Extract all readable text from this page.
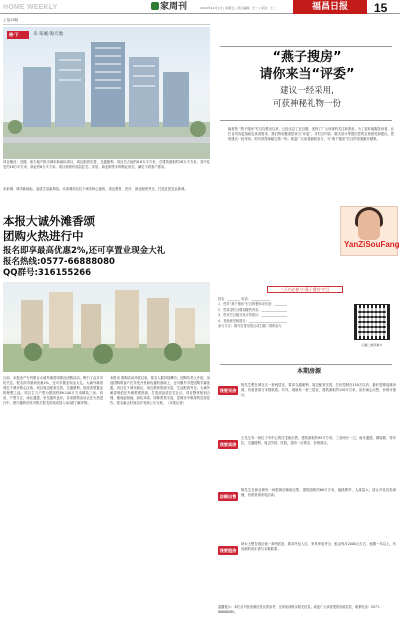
HOME WEEKLY	家周刊	2014年12月1日 | 星期五 | 责任编辑：王一 | 审读：王二	福昌日报	15
上接16版
楼·下	未·来城·淘天地
项目概况：近期，南方地产推出城市新地标项目，周边配套完善，交通便利，项目总占地约8.6万平方米，总建筑面积约28万平方米，其中住宅约18万平方米，商业约6万平方米。项目规划有高层住宅、洋房、商业街等多种物业形态，满足不同客户需求。
未来城：城市新地标，品质生活新典范。未来城项目位于城市核心板块，周边教育、医疗、商业配套齐全，打造宜居宜业新城。
本报大诚外滩香颂
团购火热进行中
报名即享最高优惠2%,还可享置业现金大礼
报名热线:0577-66888080
QQ群号:316155266
日前，本报房产专刊联合大诚外滩香颂推出团购活动，吸引了众多市民关注。报名即享最高优惠2%，还可享置业现金大礼。大诚外滩香颂位于城市核心区域，项目周边配套完善，交通便利，是改善型置业的理想之选。项目主力户型为建面约89-140平方米精装三房、四房，户型方正，南北通透，采光通风良好。目前团购活动正在火热进行中，感兴趣的市民可拨打报名热线或加入QQ群了解详情。
本报讯 团购活动开展以来，报名人数持续攀升。团购负责人介绍，参加团购的客户在享受开发商优惠的基础上，还可额外享受团购专属优惠。项目位于城市新区，周边教育资源丰富，生活配套齐全。大诚外滩香颂依托外滩景观资源，打造高品质住宅社区，项目整体规划合理，楼间距宽阔，绿化率高，园林景观丰富，是城市中难得的宜居佳作。报名截止时间以开发商公告为准。（本报记者）
“燕子搜房”
请你来当“评委”
建议一经采用,
可获神秘礼物一份
编者按 “燕子搜房”栏目自推出以来，已经走过了近百期，受到了广大读者的关注和喜爱。为了更好地服务读者，让栏目内容更加贴近读者需求，我们特别邀请您来当“评委”，对栏目内容、版式设计等提出您的宝贵意见和建议。您的建议一经采用，即可获得神秘礼物一份。欢迎广大读者踊跃参与，为“燕子搜房”栏目的发展献计献策。
YanZiSouFang
三天内必参与“燕子搜房”栏目
姓名：________ 电话：____________
1、您对“燕子搜房”栏目的整体评价是：________
2、您希望栏目增加哪些内容：________________
3、您对栏目版式设计的建议：________________
4、其他意见和建议：________________________
参与方式：填写后寄至报社或扫描二维码参与
扫描二维码参与
本期房源
我要买房
阿先生想在城北买一套两居室，要求交通便利、周边配套完善，总价控制在150万以内，最好是精装修房源，有意者请与本报联系。另外，城南有一套三居室，建筑面积约120平方米，房东诚心出售，价格可面议。
我要卖房
王先生有一套位于市中心的住宅欲出售，建筑面积约95平方米，三室两厅一卫，南北通透，精装修，带车位，交通便利，周边学校、医院、超市一应俱全，价格面议。
店铺出售
陈先生在商业街有一间临街店铺欲出售，建筑面积约60平方米，地段繁华，人流量大，适合开设各类商铺，有意者请来电洽谈。
我要租房
林女士想在城区租一套两居室，要求拎包入住，家具家电齐全，租金每月2000元左右，租期一年以上，有房源的房东请与本报联系。
温馨提示：本栏目刊登房源信息仅供参考，交易前请核实相关信息。欢迎广大读者提供房源信息，联系电话：0577-66888080。
